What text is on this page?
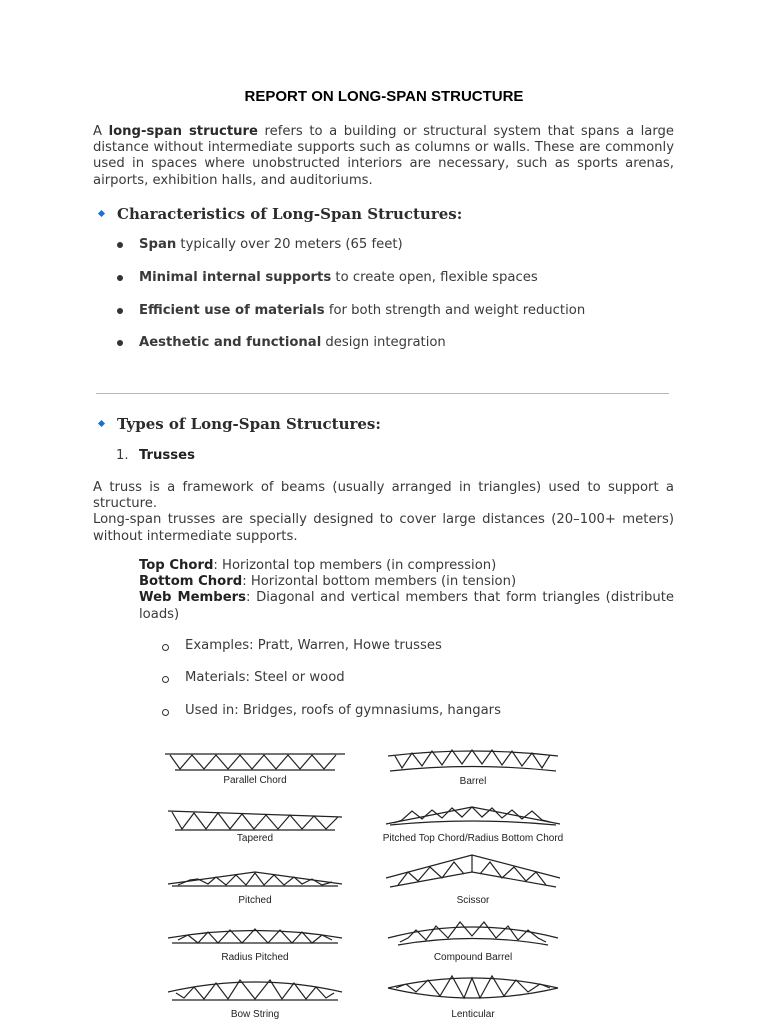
REPORT ON LONG-SPAN STRUCTURE
A long-span structure refers to a building or structural system that spans a large distance without intermediate supports such as columns or walls. These are commonly used in spaces where unobstructed interiors are necessary, such as sports arenas, airports, exhibition halls, and auditoriums.
Characteristics of Long-Span Structures:
Span typically over 20 meters (65 feet)
Minimal internal supports to create open, flexible spaces
Efficient use of materials for both strength and weight reduction
Aesthetic and functional design integration
Types of Long-Span Structures:
1. Trusses
A truss is a framework of beams (usually arranged in triangles) used to support a structure.
Long-span trusses are specially designed to cover large distances (20–100+ meters) without intermediate supports.
Top Chord: Horizontal top members (in compression)
Bottom Chord: Horizontal bottom members (in tension)
Web Members: Diagonal and vertical members that form triangles (distribute loads)
Examples: Pratt, Warren, Howe trusses
Materials: Steel or wood
Used in: Bridges, roofs of gymnasiums, hangars
Parallel Chord	Barrel
Tapered	Pitched Top Chord/Radius Bottom Chord
Pitched	Scissor
Radius Pitched	Compound Barrel
Bow String	Lenticular
